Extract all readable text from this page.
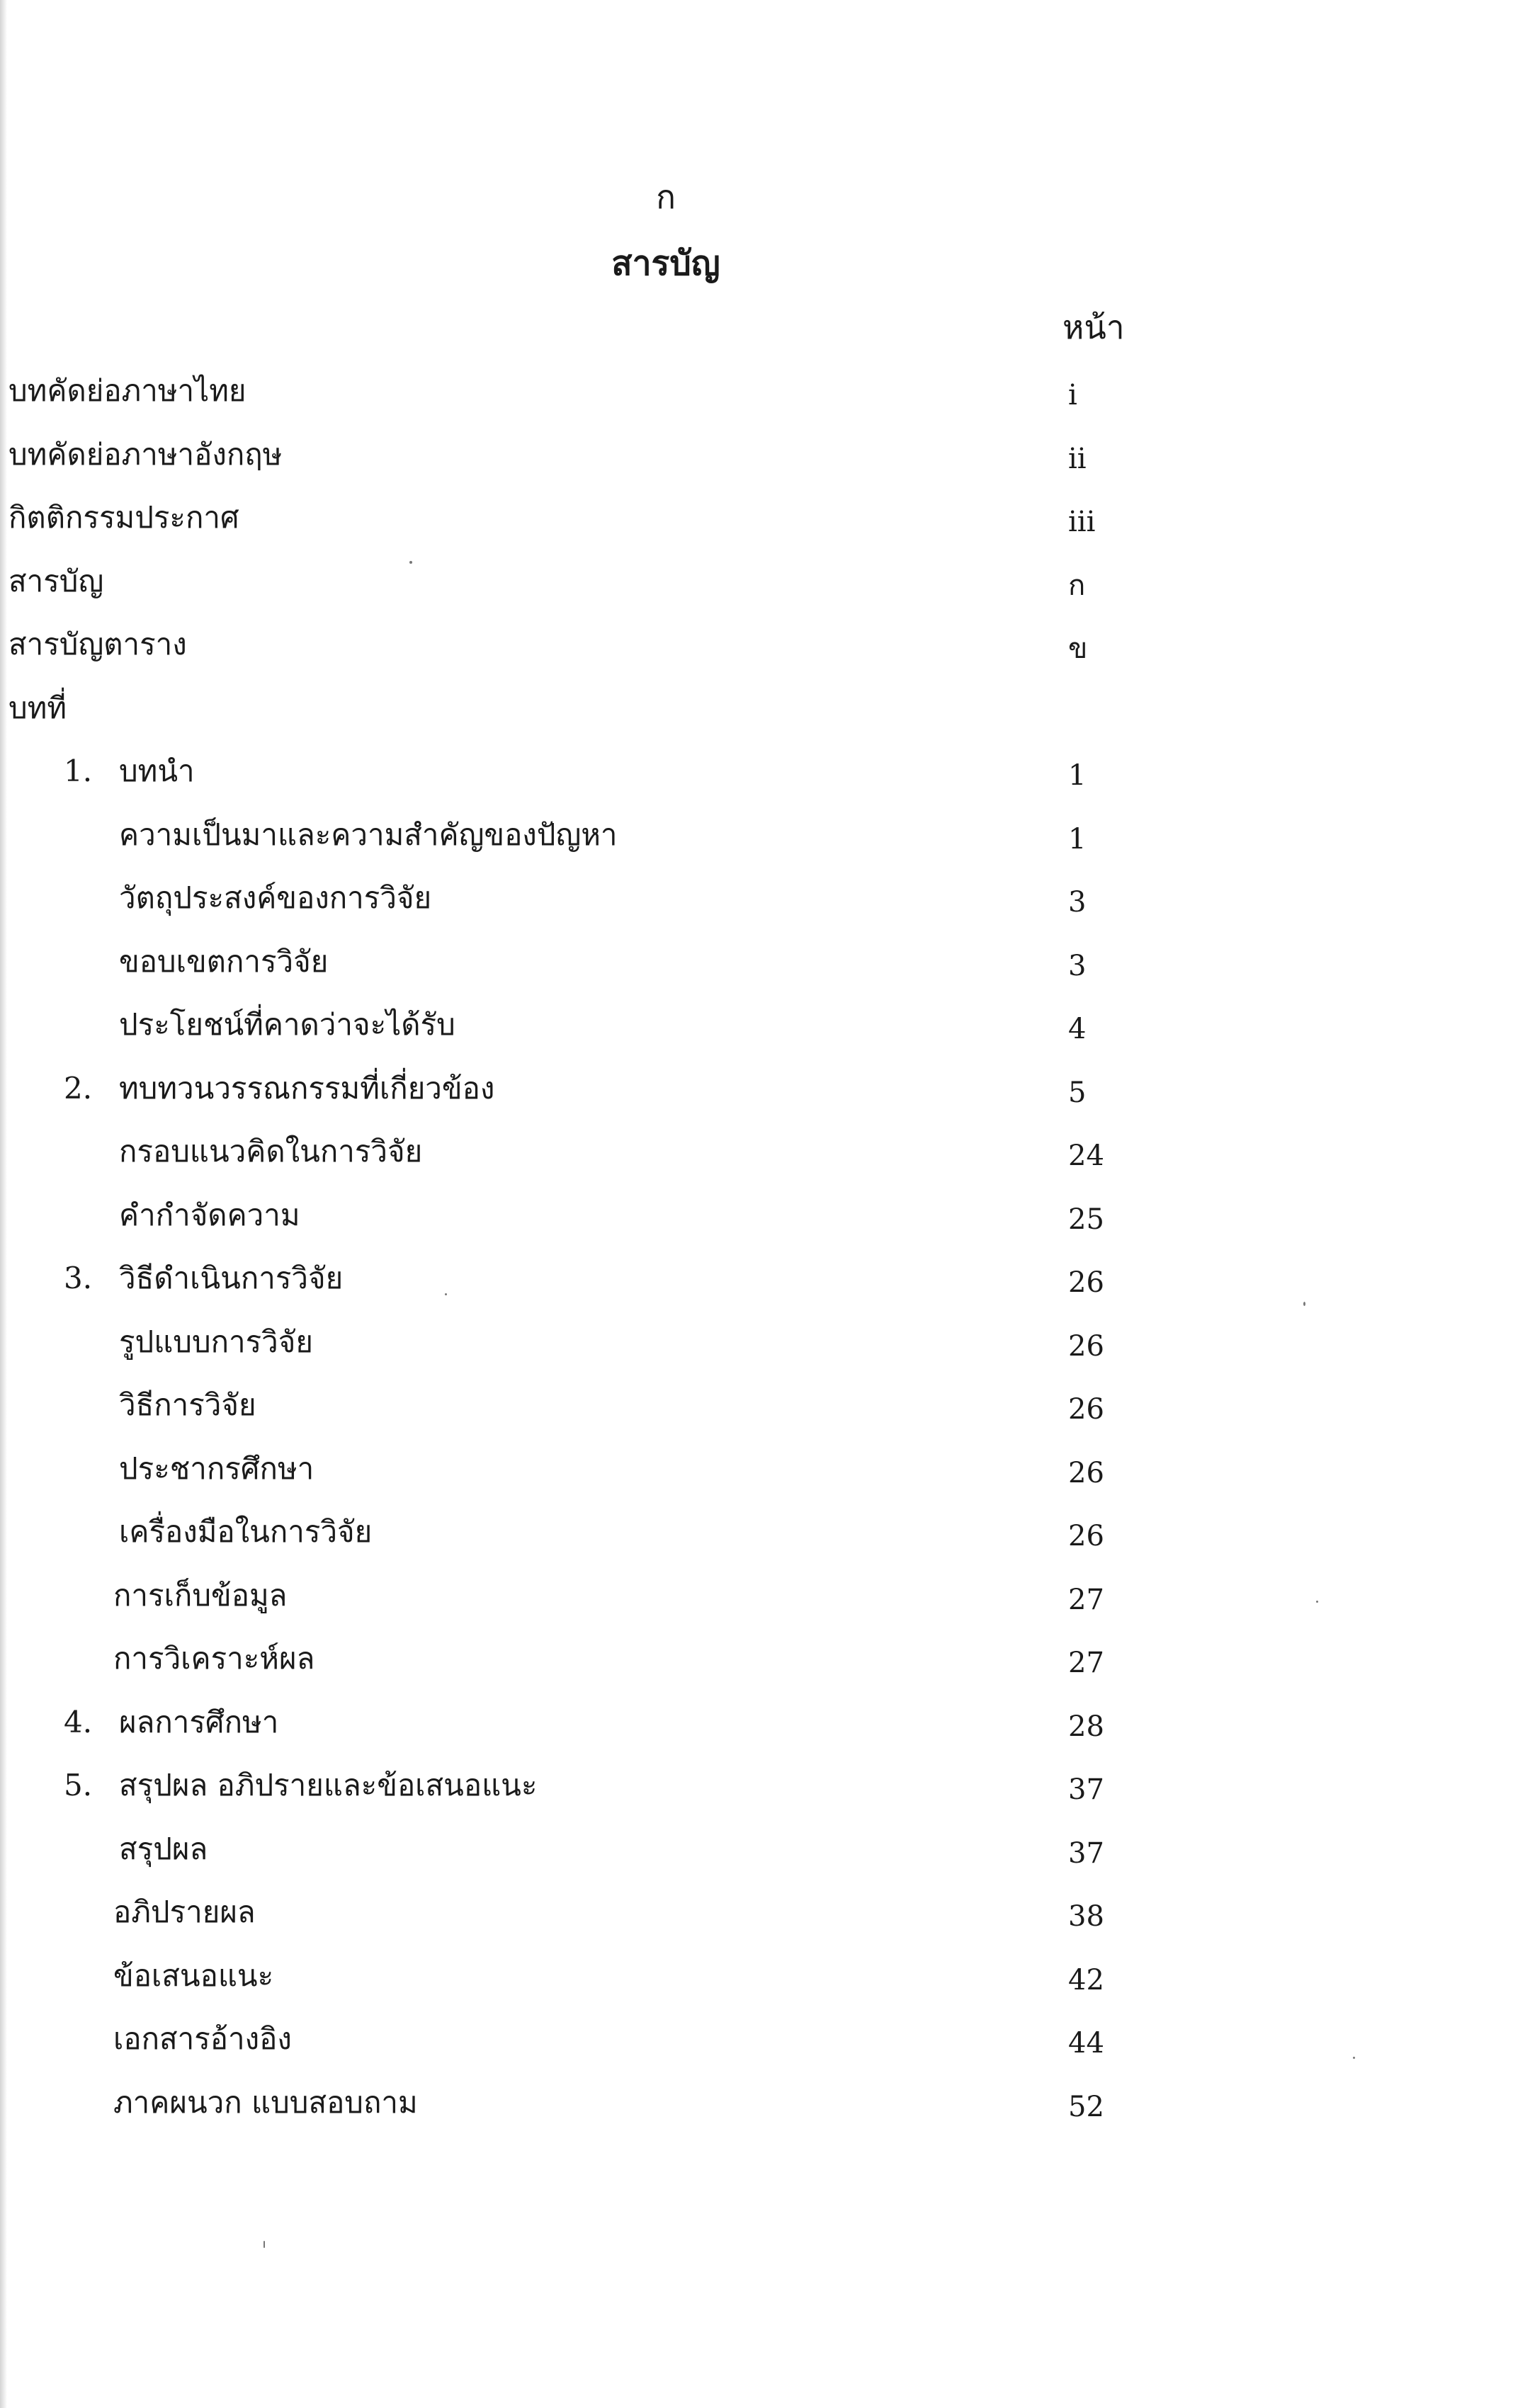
ก
สารบัญ
หน้า
บทคัดย่อภาษาไทย	i
บทคัดย่อภาษาอังกฤษ	ii
กิตติกรรมประกาศ	iii
สารบัญ	ก
สารบัญตาราง	ข
บทที่
1. บทนำ	1
ความเป็นมาและความสำคัญของปัญหา	1
วัตถุประสงค์ของการวิจัย	3
ขอบเขตการวิจัย	3
ประโยชน์ที่คาดว่าจะได้รับ	4
2. ทบทวนวรรณกรรมที่เกี่ยวข้อง	5
กรอบแนวคิดในการวิจัย	24
คำกำจัดความ	25
3. วิธีดำเนินการวิจัย	26
รูปแบบการวิจัย	26
วิธีการวิจัย	26
ประชากรศึกษา	26
เครื่องมือในการวิจัย	26
การเก็บข้อมูล	27
การวิเคราะห์ผล	27
4. ผลการศึกษา	28
5. สรุปผล อภิปรายและข้อเสนอแนะ	37
สรุปผล	37
อภิปรายผล	38
ข้อเสนอแนะ	42
เอกสารอ้างอิง	44
ภาคผนวก แบบสอบถาม	52
